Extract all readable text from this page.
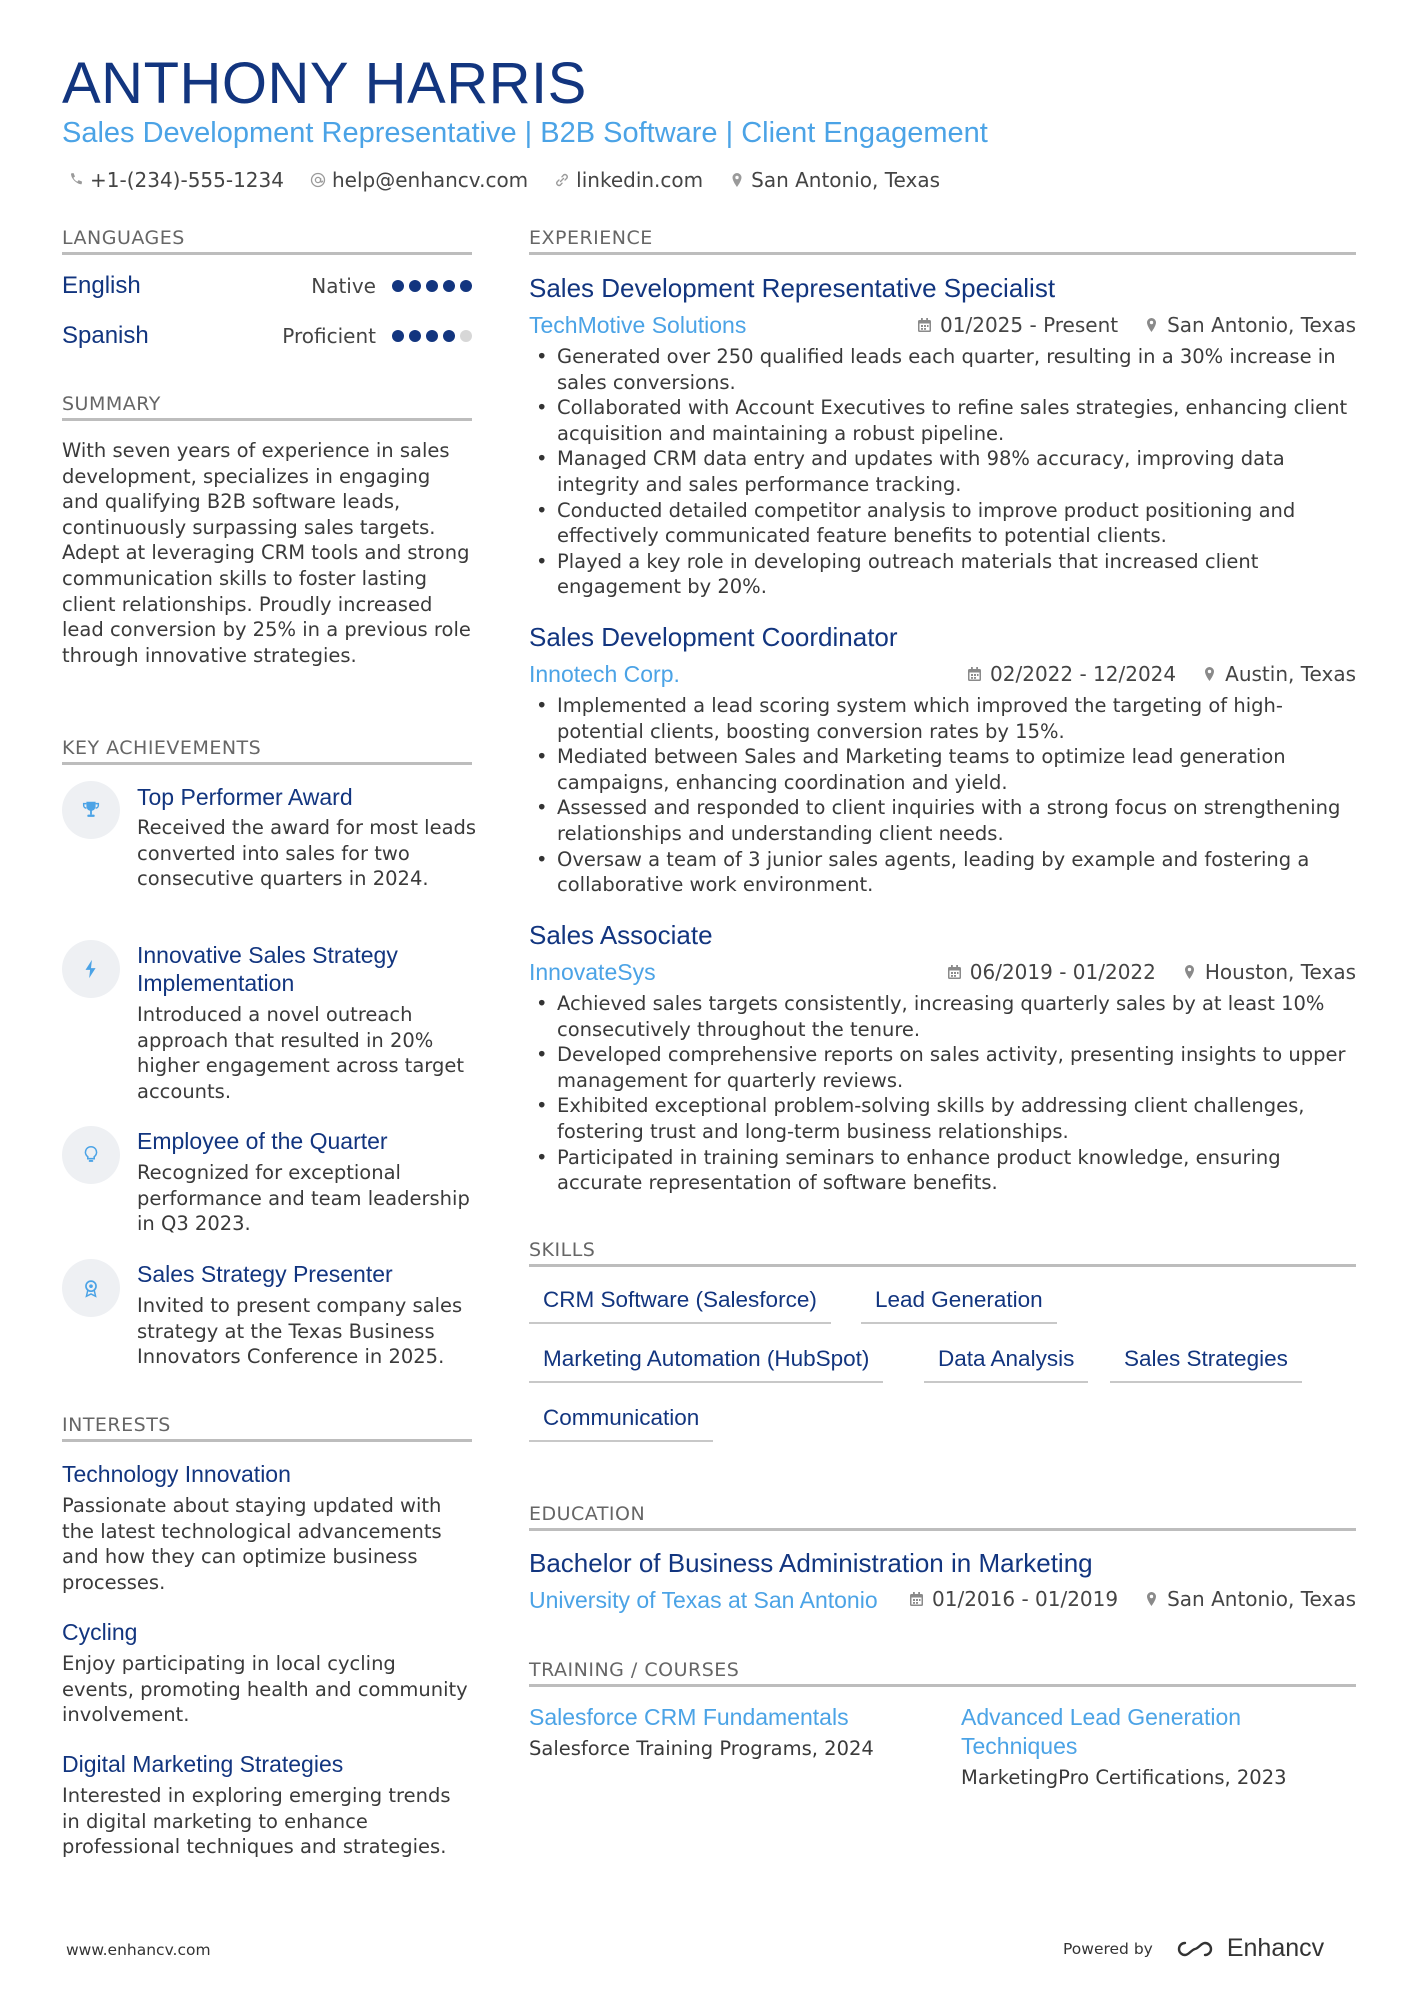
ANTHONY HARRIS
Sales Development Representative | B2B Software | Client Engagement
+1-(234)-555-1234 help@enhancv.com linkedin.com San Antonio, Texas
LANGUAGES
English	Native
Spanish	Proficient
SUMMARY
With seven years of experience in sales development, specializes in engaging and qualifying B2B software leads, continuously surpassing sales targets. Adept at leveraging CRM tools and strong communication skills to foster lasting client relationships. Proudly increased lead conversion by 25% in a previous role through innovative strategies.
KEY ACHIEVEMENTS
Top Performer Award
Received the award for most leads converted into sales for two consecutive quarters in 2024.
Innovative Sales Strategy Implementation
Introduced a novel outreach approach that resulted in 20% higher engagement across target accounts.
Employee of the Quarter
Recognized for exceptional performance and team leadership in Q3 2023.
Sales Strategy Presenter
Invited to present company sales strategy at the Texas Business Innovators Conference in 2025.
INTERESTS
Technology Innovation
Passionate about staying updated with the latest technological advancements and how they can optimize business processes.
Cycling
Enjoy participating in local cycling events, promoting health and community involvement.
Digital Marketing Strategies
Interested in exploring emerging trends in digital marketing to enhance professional techniques and strategies.
EXPERIENCE
Sales Development Representative Specialist
TechMotive Solutions	01/2025 - Present San Antonio, Texas
• Generated over 250 qualified leads each quarter, resulting in a 30% increase in sales conversions.
• Collaborated with Account Executives to refine sales strategies, enhancing client acquisition and maintaining a robust pipeline.
• Managed CRM data entry and updates with 98% accuracy, improving data integrity and sales performance tracking.
• Conducted detailed competitor analysis to improve product positioning and effectively communicated feature benefits to potential clients.
• Played a key role in developing outreach materials that increased client engagement by 20%.
Sales Development Coordinator
Innotech Corp.	02/2022 - 12/2024 Austin, Texas
• Implemented a lead scoring system which improved the targeting of high-potential clients, boosting conversion rates by 15%.
• Mediated between Sales and Marketing teams to optimize lead generation campaigns, enhancing coordination and yield.
• Assessed and responded to client inquiries with a strong focus on strengthening relationships and understanding client needs.
• Oversaw a team of 3 junior sales agents, leading by example and fostering a collaborative work environment.
Sales Associate
InnovateSys	06/2019 - 01/2022 Houston, Texas
• Achieved sales targets consistently, increasing quarterly sales by at least 10% consecutively throughout the tenure.
• Developed comprehensive reports on sales activity, presenting insights to upper management for quarterly reviews.
• Exhibited exceptional problem-solving skills by addressing client challenges, fostering trust and long-term business relationships.
• Participated in training seminars to enhance product knowledge, ensuring accurate representation of software benefits.
SKILLS
CRM Software (Salesforce)	Lead Generation
Marketing Automation (HubSpot)	Data Analysis	Sales Strategies
Communication
EDUCATION
Bachelor of Business Administration in Marketing
University of Texas at San Antonio	01/2016 - 01/2019 San Antonio, Texas
TRAINING / COURSES
Salesforce CRM Fundamentals
Salesforce Training Programs, 2024
Advanced Lead Generation Techniques
MarketingPro Certifications, 2023
www.enhancv.com	Powered by	Enhancv
